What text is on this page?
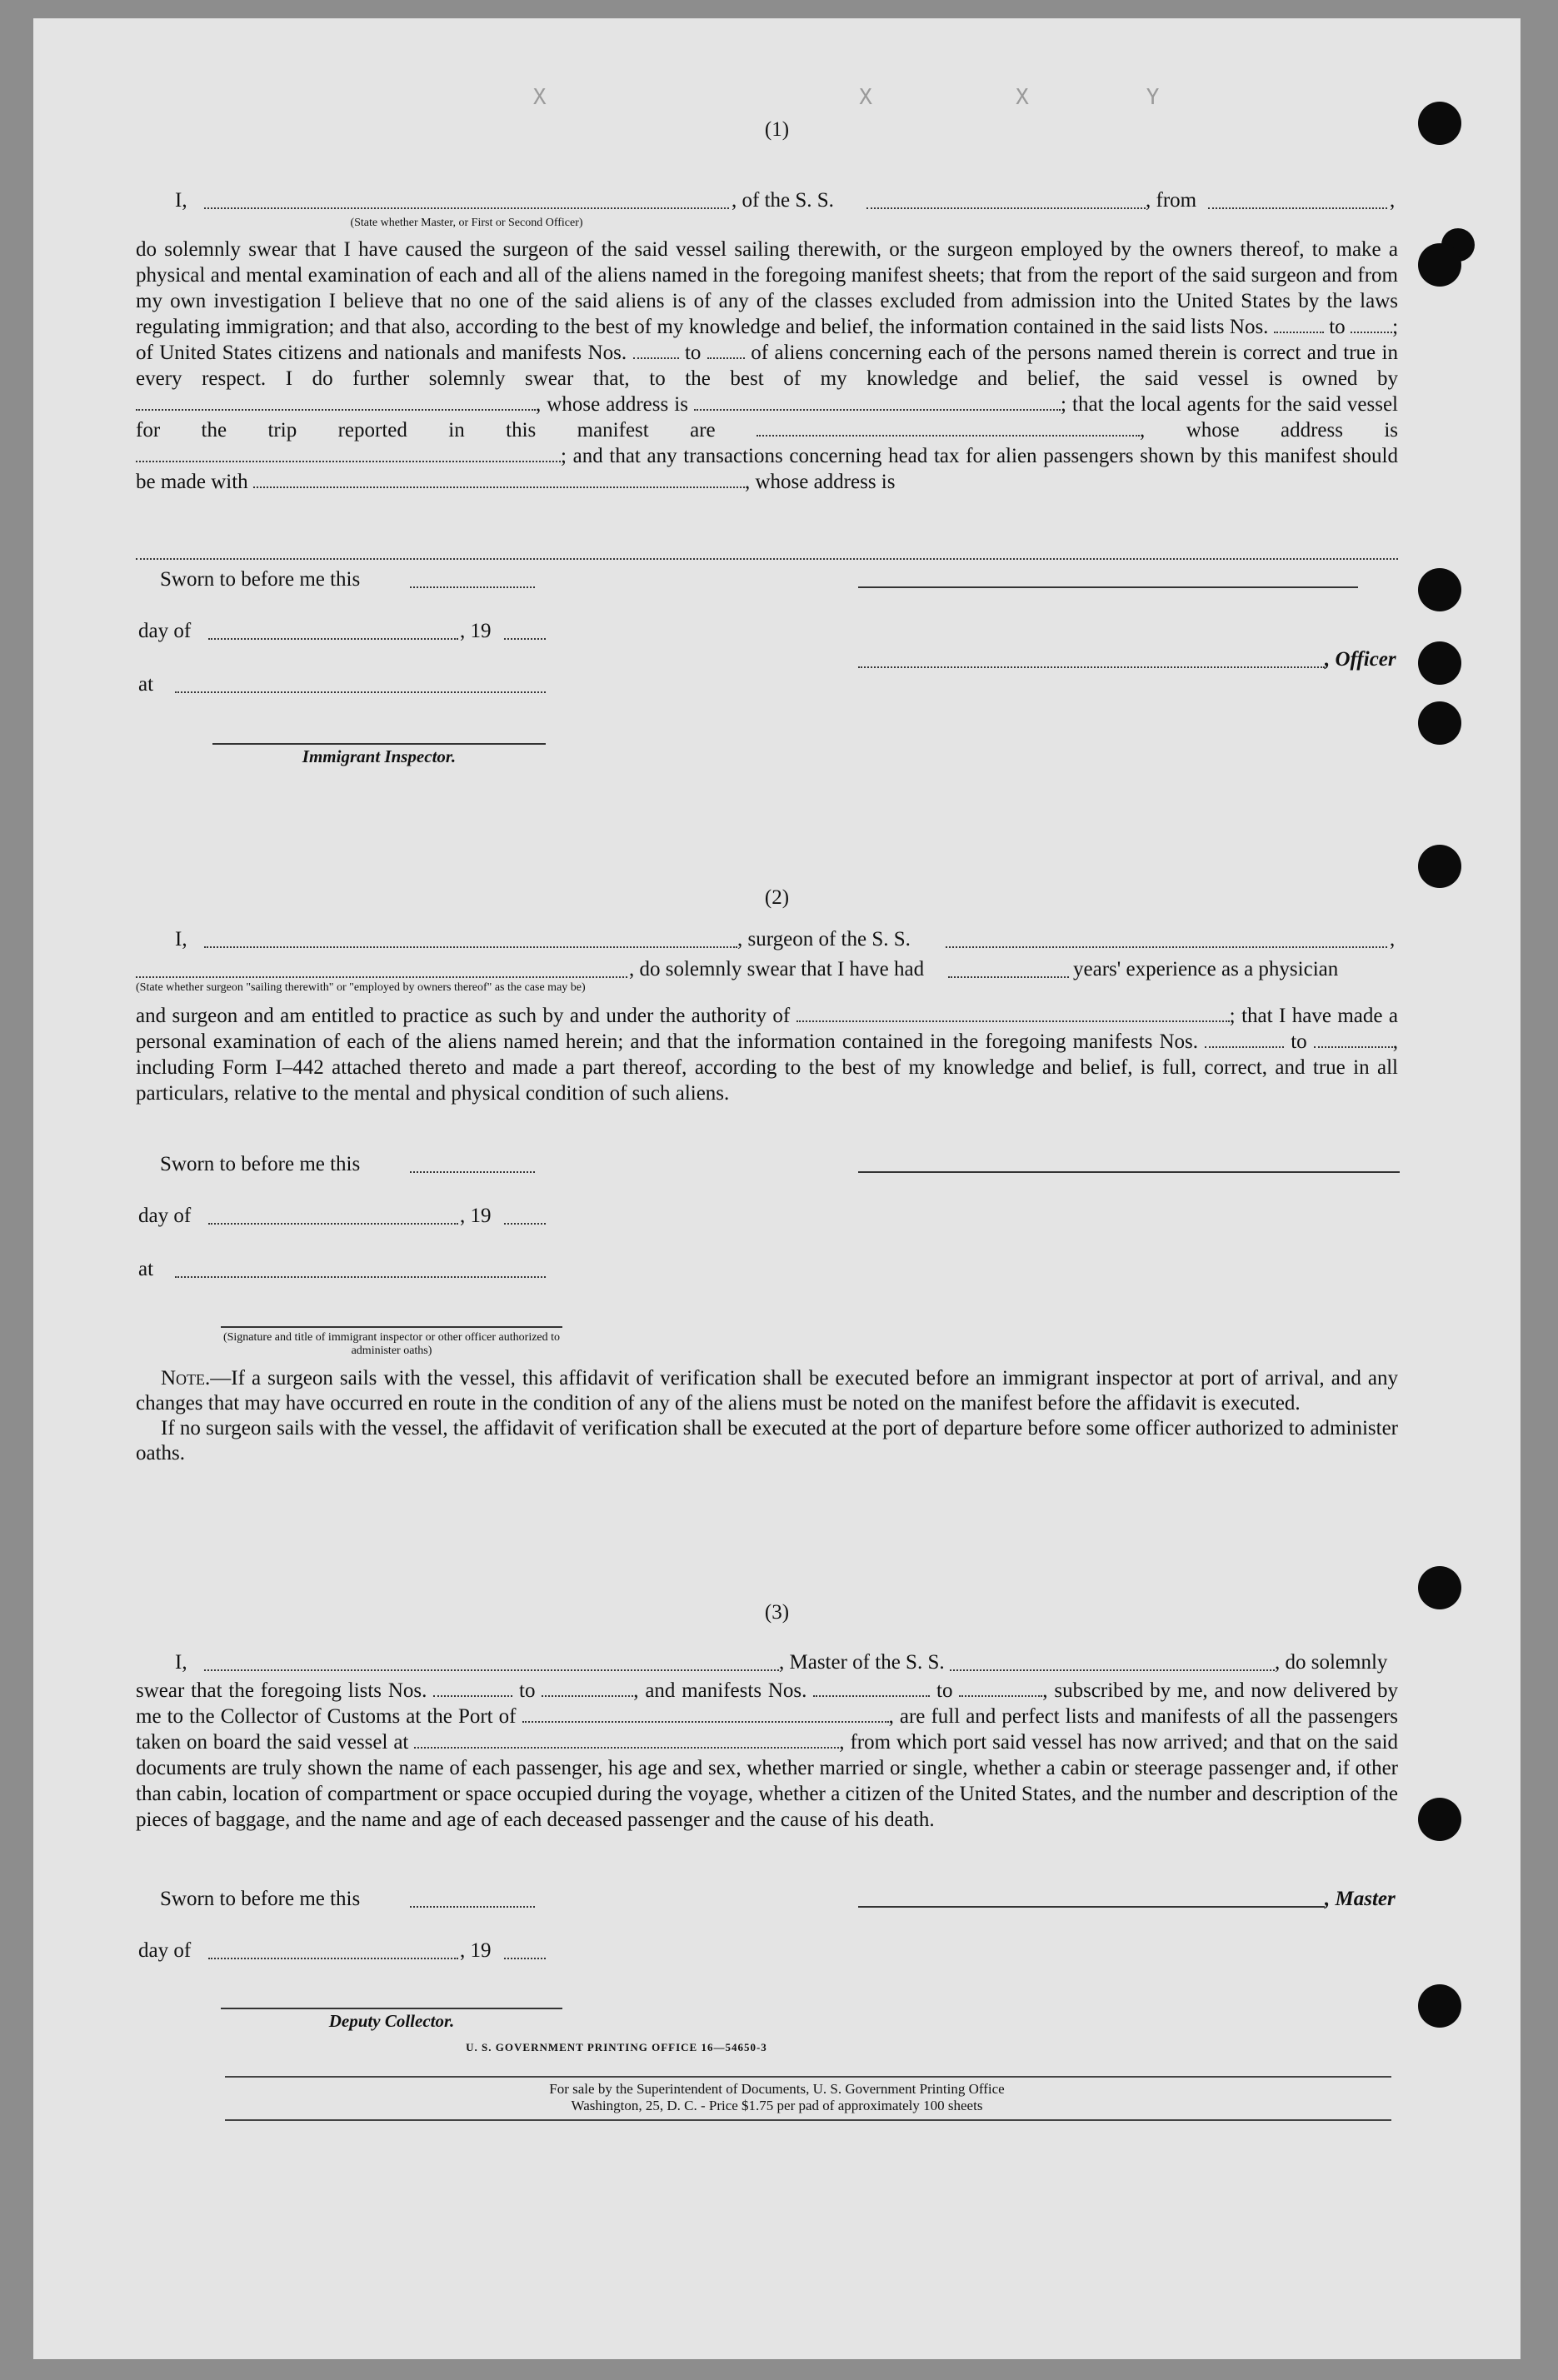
Y         X           X                        X
(1)
I,	, of the S. S.	, from	,
(State whether Master, or First or Second Officer)

do solemnly swear that I have caused the surgeon of the said vessel sailing therewith, or the surgeon employed by the owners thereof, to make a physical and mental examination of each and all of the aliens named in the foregoing manifest sheets; that from the report of the said surgeon and from my own investigation I believe that no one of the said aliens is of any of the classes excluded from admission into the United States by the laws regulating immigration; and that also, according to the best of my knowledge and belief, the information contained in the said lists Nos.	to ; of United States citizens and nationals and manifests Nos.	to of aliens concerning each of the persons named therein is correct and true in every respect. I do further solemnly swear that, to the best of my knowledge and belief, the said vessel is owned by , whose address is	; that the local agents for the said vessel for the trip reported in this manifest are	, whose address is ; and that any transactions concerning head tax for alien passengers shown by this manifest should be made with	, whose address is

Sworn to before me this
day of	, 19
, Officer
at
Immigrant Inspector.
(2)
I,	, surgeon of the S. S.	,
, do solemnly swear that I have had	years' experience as a physician
(State whether surgeon "sailing therewith" or "employed by owners thereof" as the case may be)

and surgeon and am entitled to practice as such by and under the authority of	; that I have made a personal examination of each of the aliens named herein; and that the information contained in the foregoing manifests Nos.	to	, including Form I–442 attached thereto and made a part thereof, according to the best of my knowledge and belief, is full, correct, and true in all particulars, relative to the mental and physical condition of such aliens.

Sworn to before me this
day of	, 19
at
(Signature and title of immigrant inspector or other officer authorized to administer oaths)

Note.—If a surgeon sails with the vessel, this affidavit of verification shall be executed before an immigrant inspector at port of arrival, and any changes that may have occurred en route in the condition of any of the aliens must be noted on the manifest before the affidavit is executed.

If no surgeon sails with the vessel, the affidavit of verification shall be executed at the port of departure before some officer authorized to administer oaths.

(3)
I,	, Master of the S. S.	, do solemnly

swear that the foregoing lists Nos.	to	, and manifests Nos.	to	, subscribed by me, and now delivered by me to the Collector of Customs at the Port of	, are full and perfect lists and manifests of all the passengers taken on board the said vessel at	, from which port said vessel has now arrived; and that on the said documents are truly shown the name of each passenger, his age and sex, whether married or single, whether a cabin or steerage passenger and, if other than cabin, location of compartment or space occupied during the voyage, whether a citizen of the United States, and the number and description of the pieces of baggage, and the name and age of each deceased passenger and the cause of his death.

Sworn to before me this	, Master
day of	, 19
Deputy Collector.
U. S. GOVERNMENT PRINTING OFFICE 16—54650-3
For sale by the Superintendent of Documents, U. S. Government Printing Office
Washington, 25, D. C. - Price $1.75 per pad of approximately 100 sheets
